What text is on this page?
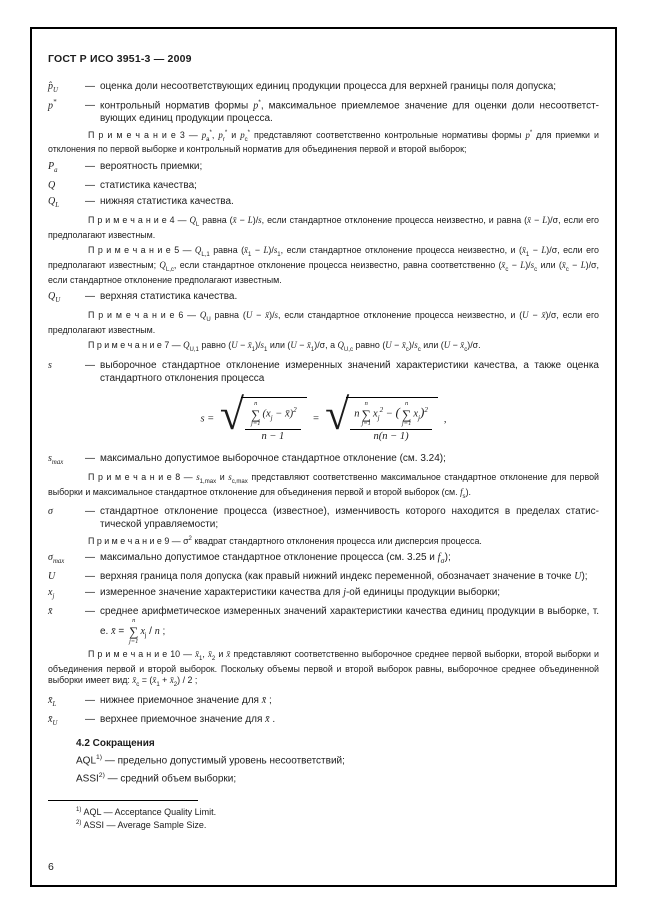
ГОСТ Р ИСО 3951-3 — 2009
$p̂_U$	— оценка доли несоответствующих единиц продукции процесса для верхней границы поля допуска;
p*	— контрольный норматив формы p*, максимальное приемлемое значение для оценки доли несоответствующих единиц продукции процесса.
П р и м е ч а н и е 3 — $p_a^*$, $p_r^*$ и $p_c^*$ представляют соответственно контрольные нормативы формы p* для приемки и отклонения по первой выборке и контрольный норматив для объединения первой и второй выборок;
$P_a$	— вероятность приемки;
Q	— статистика качества;
$Q_L$	— нижняя статистика качества.
П р и м е ч а н и е 4 — $Q_L$ равна (x̄ − L)/s, если стандартное отклонение процесса неизвестно, и равна (x̄ − L)/σ, если его предполагают известным.
П р и м е ч а н и е 5 — $Q_{L,1}$ равна $(x̄_1 - L)/s_1$, если стандартное отклонение процесса неизвестно, и $(x̄_1 - L)/\sigma$, если его предполагают известным; $Q_{L,c}$, если стандартное отклонение процесса неизвестно, равна соответственно $(x̄_c - L)/s_c$ или $(x̄_c - L)/\sigma$, если стандартное отклонение предполагают известным.
$Q_U$	— верхняя статистика качества.
П р и м е ч а н и е 6 — $Q_U$ равна (U − x̄)/s, если стандартное отклонение процесса неизвестно, и (U − x̄)/σ, если его предполагают известным.
П р и м е ч а н и е 7 — $Q_{U,1}$ равно $(U - x̄_1)/s_1$ или $(U - x̄_1)/\sigma$, а $Q_{U,c}$ равно $(U - x̄_c)/s_c$ или $(U - x̄_c)/\sigma$.
s	— выборочное стандартное отклонение измеренных значений характеристики качества, а также оценка стандартного отклонения процесса
s = √ n
∑
j=1
($x_j$ − x̄)$^2$
n − 1 = √ n
n
∑
j=1
$x_j^2$ − (
n
∑
j=1
$x_j)^2$
n(n − 1) ,
$s_{max}$	— максимально допустимое выборочное стандартное отклонение (см. 3.24);
П р и м е ч а н и е 8 — $s_{1,max}$ и $s_{c,max}$ представляют соответственно максимальное стандартное отклонение для первой выборки и максимальное стандартное отклонение для объединения первой и второй выборок (см. $f_s$).
σ	— стандартное отклонение процесса (известное), изменчивость которого находится в пределах статистической управляемости;
П р и м е ч а н и е 9 — $\sigma^2$ квадрат стандартного отклонения процесса или дисперсия процесса.
$\sigma_{max}$	— максимально допустимое стандартное отклонение процесса (см. 3.25 и $f_\sigma$);
U	— верхняя граница поля допуска (как правый нижний индекс переменной, обозначает значение в точке U);
$x_j$	— измеренное значение характеристики качества для j-ой единицы продукции выборки;
x̄	— среднее арифметическое измеренных значений характеристики качества единиц продукции в выборке, т. е. x̄ =
n
∑
j=1
$x_j$ / n ;
П р и м е ч а н и е 10 — $x̄_1$, $x̄_2$ и x̄ представляют соответственно выборочное среднее первой выборки, второй выборки и объединения первой и второй выборок. Поскольку объемы первой и второй выборок равны, выборочное среднее объединенной выборки имеет вид: $x̄_c$ = ($x̄_1$ + $x̄_2) / 2$ ;
$x̄_L$	— нижнее приемочное значение для x̄ ;
$x̄_U$	— верхнее приемочное значение для x̄ .
4.2 Сокращения
AQL$^{1)}$ — предельно допустимый уровень несоответствий;
ASSI$^{2)}$ — средний объем выборки;
$^{1)}$ AQL — Acceptance Quality Limit.
$^{2)}$ ASSI — Average Sample Size.
6
